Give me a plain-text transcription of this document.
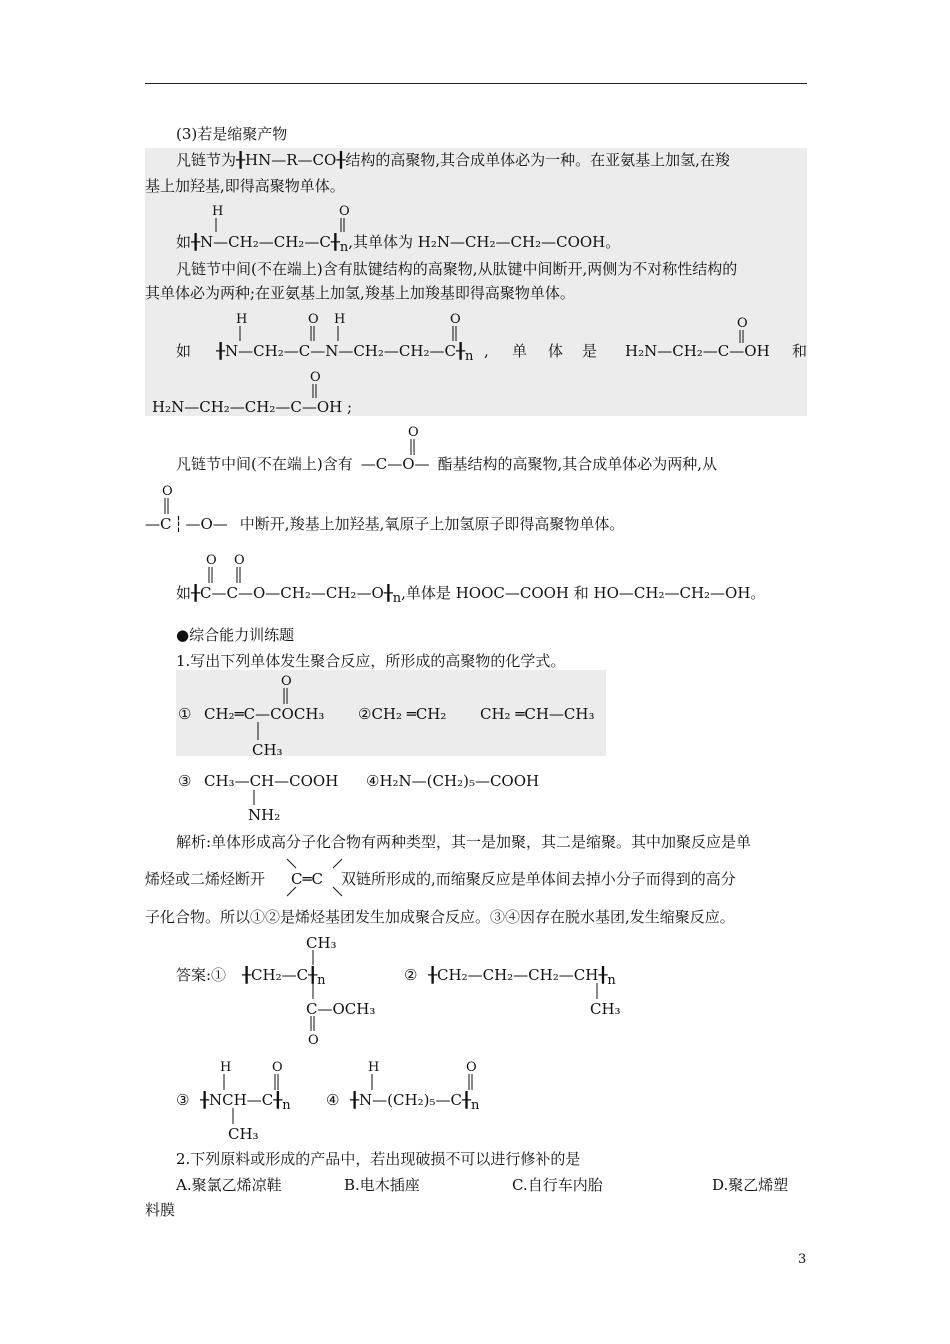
(3)若是缩聚产物
凡链节为╂HN—R—CO╂结构的高聚物,其合成单体必为一种。在亚氨基上加氢,在羧
基上加羟基,即得高聚物单体。
H	O
如$╂N—CH_2—CH_2—C╂_n$,其单体为 H₂N—CH₂—CH₂—COOH。
凡链节中间(不在端上)含有肽键结构的高聚物,从肽键中间断开,两侧为不对称性结构的
其单体必为两种;在亚氨基上加氢,羧基上加羧基即得高聚物单体。
H	O H	O	O
如 $╂N—CH_2—C—N—CH_2—CH_2—C╂_n$ , 单 体 是 H₂N—CH₂—C—OH 和
O
H₂N—CH₂—CH₂—C—OH ;
O
凡链节中间(不在端上)含有 —C—O— 酯基结构的高聚物,其合成单体必为两种,从
O
—C ┆ —O— 中断开,羧基上加羟基,氧原子上加氢原子即得高聚物单体。
O O
如$╂C—C—O—CH_2—CH_2—O╂_n$,单体是 HOOC—COOH 和 HO—CH₂—CH₂—OH。
●综合能力训练题
1.写出下列单体发生聚合反应，所形成的高聚物的化学式。
O
① CH₂═C—COCH₃ ②CH₂ ═CH₂ CH₂ ═CH—CH₃
CH₃
③ CH₃—CH—COOH ④H₂N—(CH₂)₅—COOH
NH₂
解析:单体形成高分子化合物有两种类型，其一是加聚，其二是缩聚。其中加聚反应是单
烯烃或二烯烃断开 C═C 双链所形成的,而缩聚反应是单体间去掉小分子而得到的高分
子化合物。所以①②是烯烃基团发生加成聚合反应。③④因存在脱水基团,发生缩聚反应。
CH₃
答案:① $╂CH_2—C╂_n$	② $╂CH_2—CH_2—CH_2—CH╂_n$
C—OCH₃	CH₃
O
H	O	H	O
③ $╂NCH—C╂_n$ ④ $╂N—(CH_2)_5—C╂_n$
CH₃
2.下列原料或形成的产品中，若出现破损不可以进行修补的是
A.聚氯乙烯凉鞋	B.电木插座	C.自行车内胎	D.聚乙烯塑
料膜
3
